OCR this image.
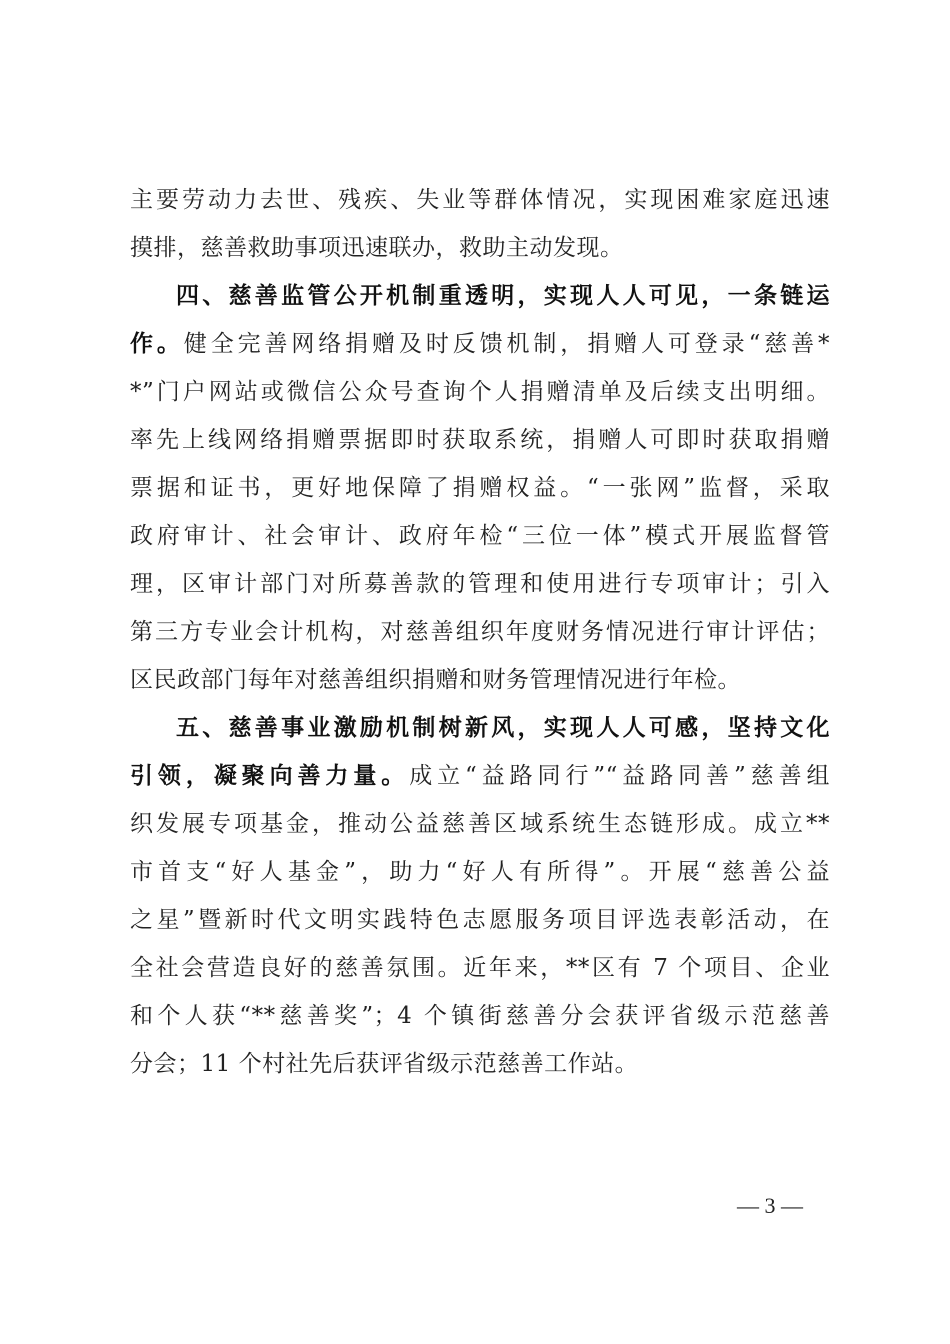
主要劳动力去世、残疾、失业等群体情况，实现困难家庭迅速
摸排，慈善救助事项迅速联办，救助主动发现。
四、慈善监管公开机制重透明，实现人人可见，一条链运
作。健全完善网络捐赠及时反馈机制，捐赠人可登录“慈善*
*”门户网站或微信公众号查询个人捐赠清单及后续支出明细。
率先上线网络捐赠票据即时获取系统，捐赠人可即时获取捐赠
票据和证书，更好地保障了捐赠权益。“一张网”监督，采取
政府审计、社会审计、政府年检“三位一体”模式开展监督管
理，区审计部门对所募善款的管理和使用进行专项审计；引入
第三方专业会计机构，对慈善组织年度财务情况进行审计评估；
区民政部门每年对慈善组织捐赠和财务管理情况进行年检。
五、慈善事业激励机制树新风，实现人人可感，坚持文化
引领，凝聚向善力量。成立“益路同行”“益路同善”慈善组
织发展专项基金，推动公益慈善区域系统生态链形成。成立**
市首支“好人基金”，助力“好人有所得”。开展“慈善公益
之星”暨新时代文明实践特色志愿服务项目评选表彰活动，在
全社会营造良好的慈善氛围。近年来，**区有 7 个项目、企业
和个人获“**慈善奖”；4 个镇街慈善分会获评省级示范慈善
分会；11 个村社先后获评省级示范慈善工作站。
— 3 —
